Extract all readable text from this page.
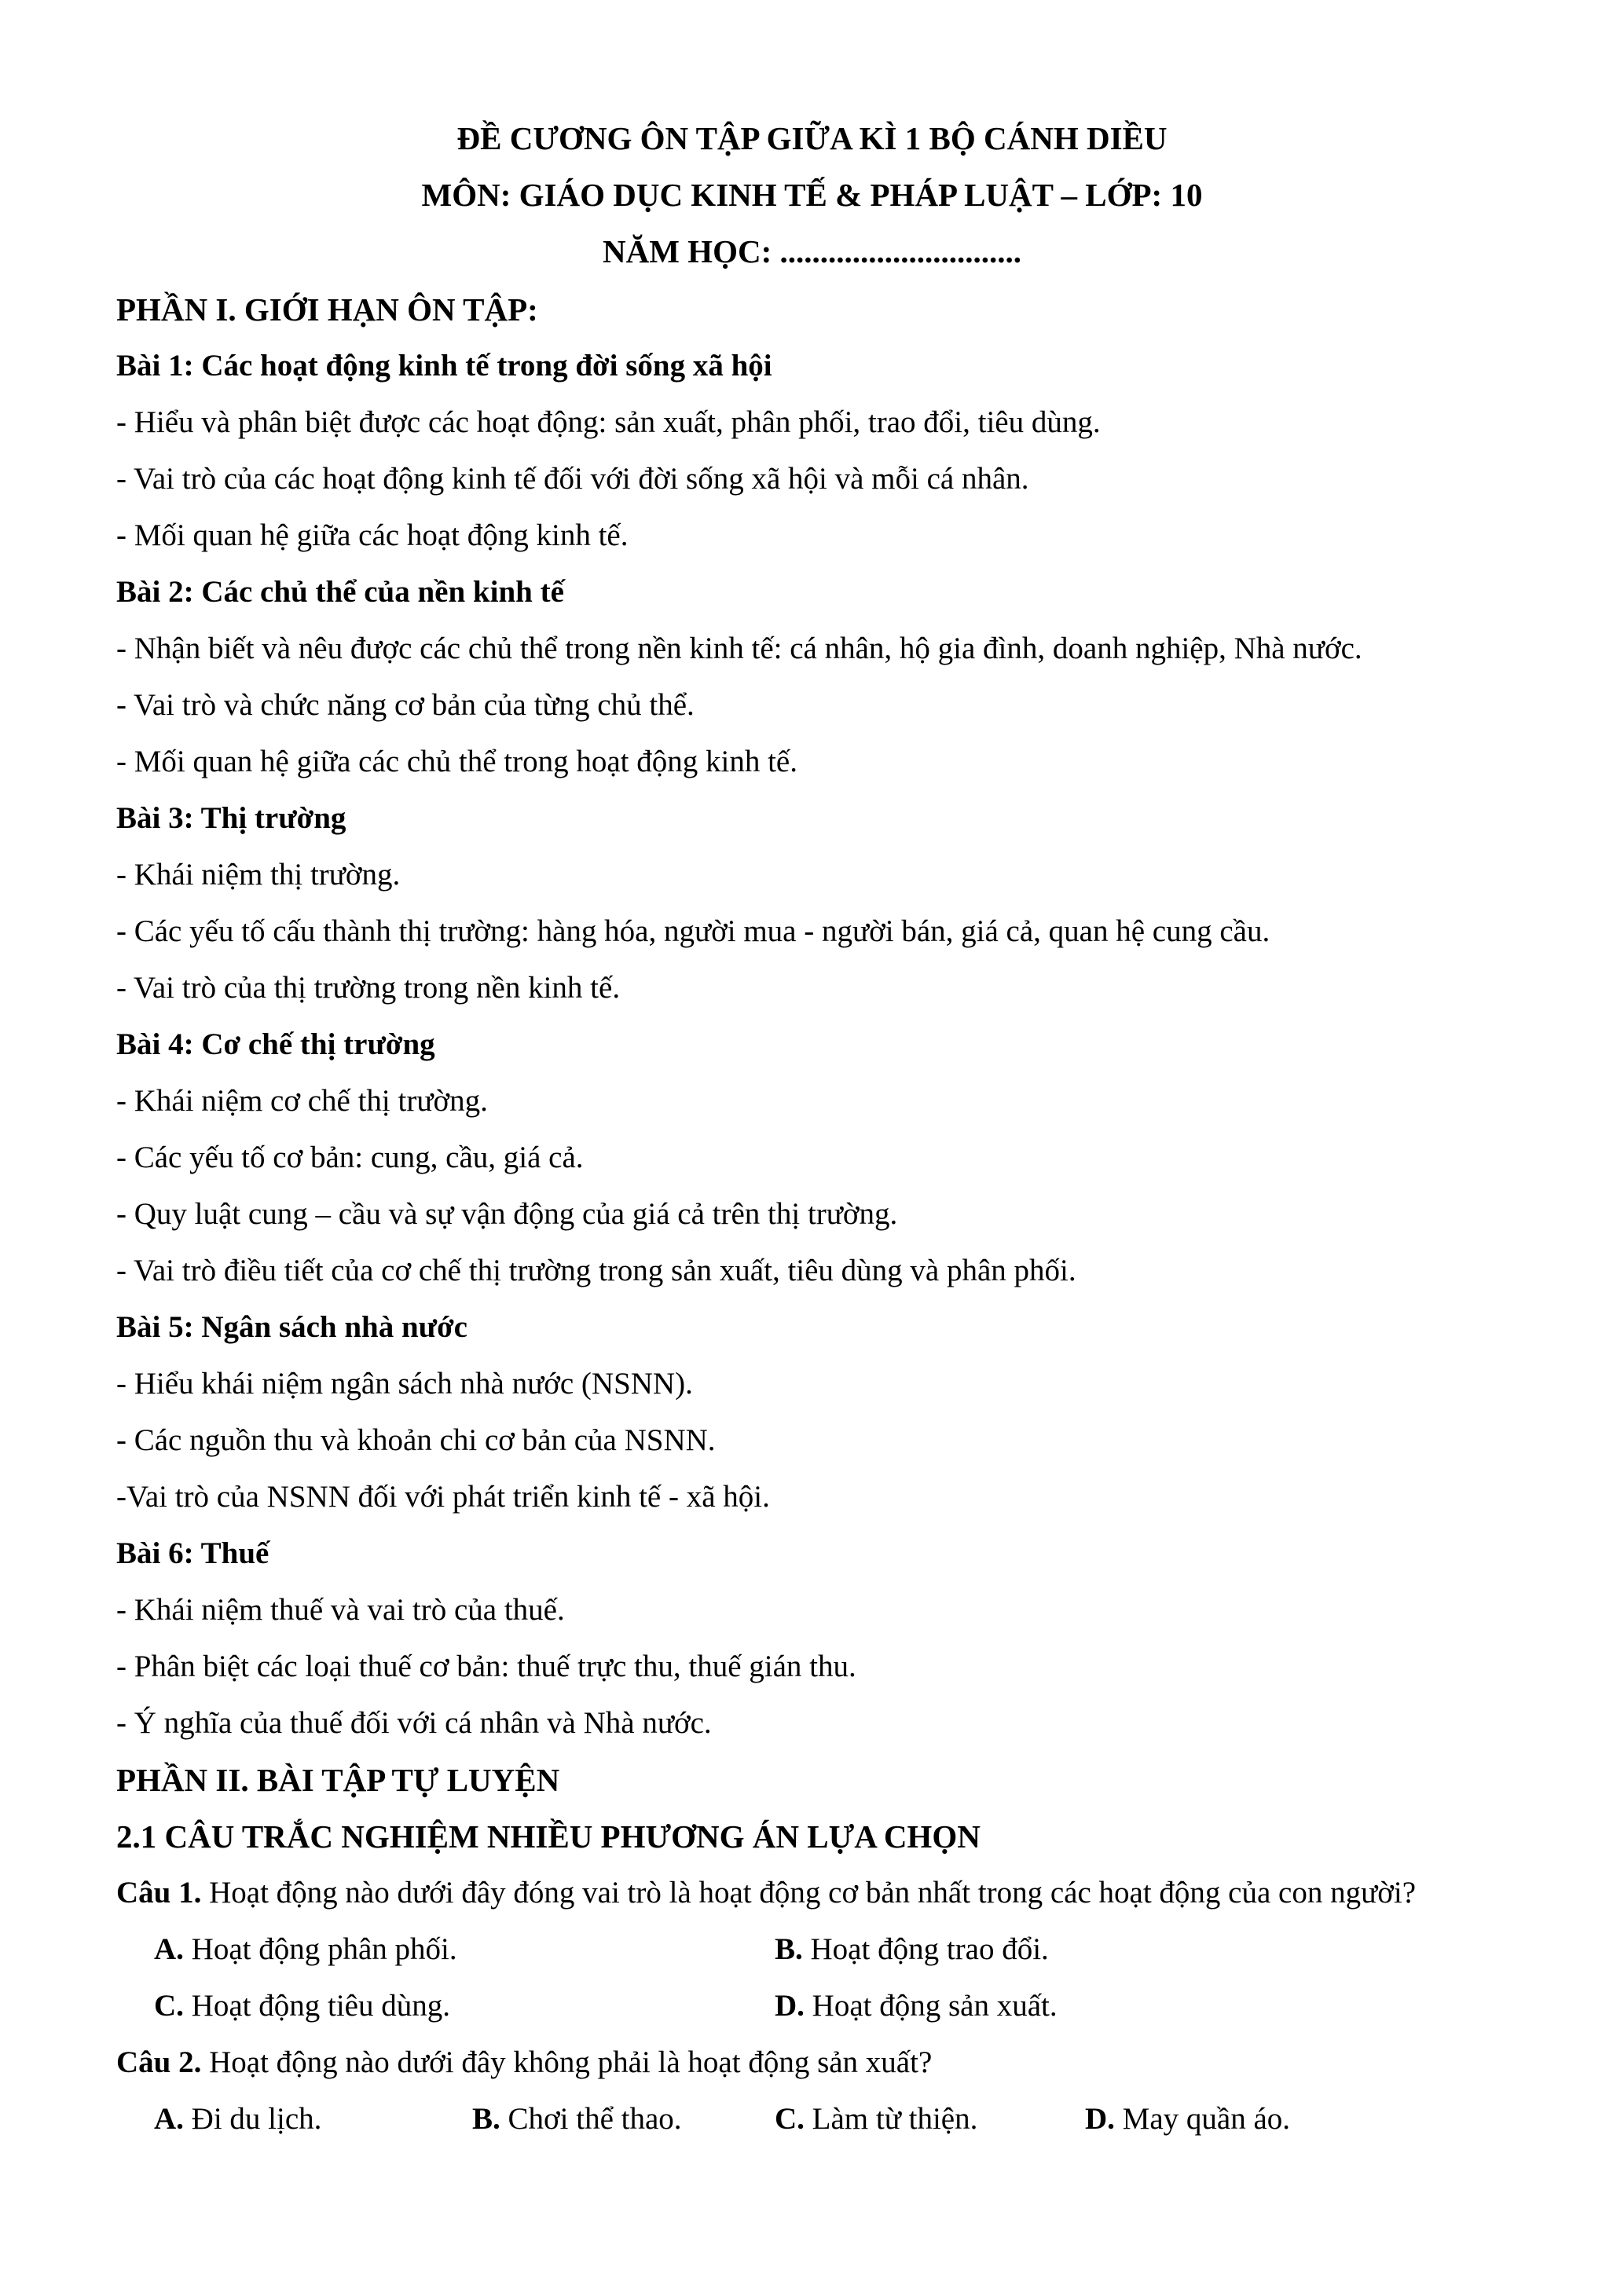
ĐỀ CƯƠNG ÔN TẬP GIỮA KÌ 1 BỘ CÁNH DIỀU
MÔN: GIÁO DỤC KINH TẾ & PHÁP LUẬT – LỚP: 10
NĂM HỌC: ..............................
PHẦN I. GIỚI HẠN ÔN TẬP:
Bài 1: Các hoạt động kinh tế trong đời sống xã hội
- Hiểu và phân biệt được các hoạt động: sản xuất, phân phối, trao đổi, tiêu dùng.
- Vai trò của các hoạt động kinh tế đối với đời sống xã hội và mỗi cá nhân.
- Mối quan hệ giữa các hoạt động kinh tế.
Bài 2: Các chủ thể của nền kinh tế
- Nhận biết và nêu được các chủ thể trong nền kinh tế: cá nhân, hộ gia đình, doanh nghiệp, Nhà nước.
- Vai trò và chức năng cơ bản của từng chủ thể.
- Mối quan hệ giữa các chủ thể trong hoạt động kinh tế.
Bài 3: Thị trường
- Khái niệm thị trường.
- Các yếu tố cấu thành thị trường: hàng hóa, người mua - người bán, giá cả, quan hệ cung cầu.
- Vai trò của thị trường trong nền kinh tế.
Bài 4: Cơ chế thị trường
- Khái niệm cơ chế thị trường.
- Các yếu tố cơ bản: cung, cầu, giá cả.
- Quy luật cung – cầu và sự vận động của giá cả trên thị trường.
- Vai trò điều tiết của cơ chế thị trường trong sản xuất, tiêu dùng và phân phối.
Bài 5: Ngân sách nhà nước
- Hiểu khái niệm ngân sách nhà nước (NSNN).
- Các nguồn thu và khoản chi cơ bản của NSNN.
-Vai trò của NSNN đối với phát triển kinh tế - xã hội.
Bài 6: Thuế
- Khái niệm thuế và vai trò của thuế.
- Phân biệt các loại thuế cơ bản: thuế trực thu, thuế gián thu.
- Ý nghĩa của thuế đối với cá nhân và Nhà nước.
PHẦN II. BÀI TẬP TỰ LUYỆN
2.1 CÂU TRẮC NGHIỆM NHIỀU PHƯƠNG ÁN LỰA CHỌN
Câu 1. Hoạt động nào dưới đây đóng vai trò là hoạt động cơ bản nhất trong các hoạt động của con người?
A. Hoạt động phân phối.	B. Hoạt động trao đổi.
C. Hoạt động tiêu dùng.	D. Hoạt động sản xuất.
Câu 2. Hoạt động nào dưới đây không phải là hoạt động sản xuất?
A. Đi du lịch.	B. Chơi thể thao.	C. Làm từ thiện.	D. May quần áo.
